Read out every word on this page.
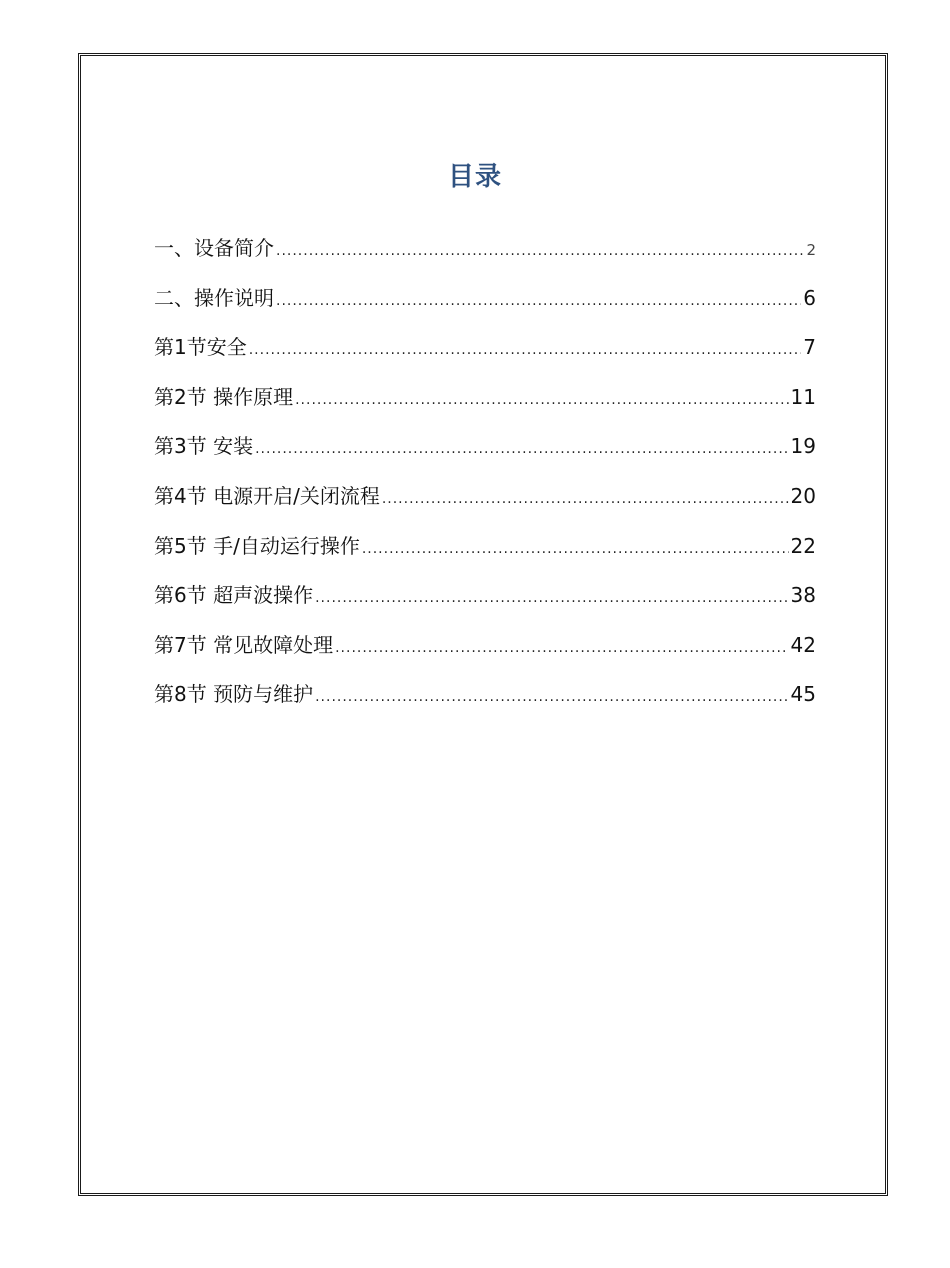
目录
一、设备简介 .....	2
二、操作说明 .....	6
第1节安全 .....	7
第2节 操作原理 .....	11
第3节 安装 .....	19
第4节 电源开启/关闭流程 .....	20
第5节 手/自动运行操作 .....	22
第6节 超声波操作 .....	38
第7节 常见故障处理 .....	42
第8节 预防与维护 .....	45
